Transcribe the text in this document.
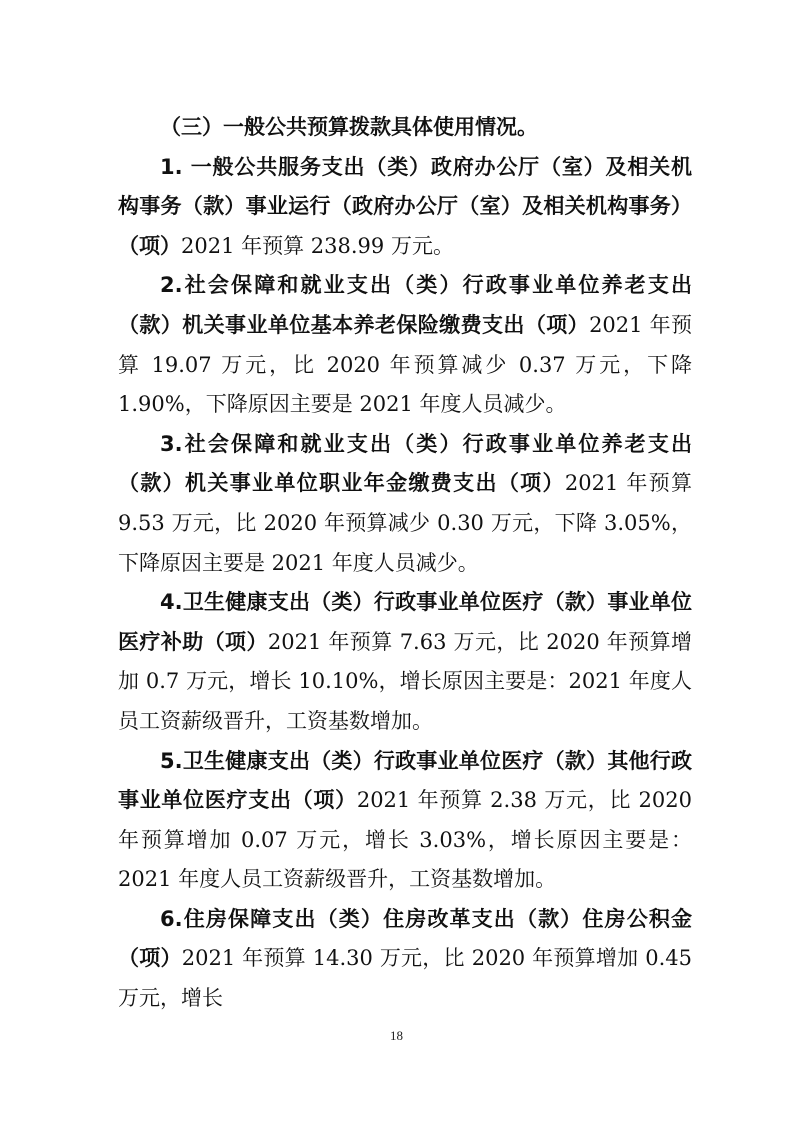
（三）一般公共预算拨款具体使用情况。

1. 一般公共服务支出（类）政府办公厅（室）及相关机构事务（款）事业运行（政府办公厅（室）及相关机构事务）（项）2021 年预算 238.99 万元。

2.社会保障和就业支出（类）行政事业单位养老支出（款）机关事业单位基本养老保险缴费支出（项）2021 年预算 19.07 万元，比 2020 年预算减少 0.37 万元，下降 1.90%，下降原因主要是 2021 年度人员减少。

3.社会保障和就业支出（类）行政事业单位养老支出（款）机关事业单位职业年金缴费支出（项）2021 年预算 9.53 万元，比 2020 年预算减少 0.30 万元，下降 3.05%，下降原因主要是 2021 年度人员减少。

4.卫生健康支出（类）行政事业单位医疗（款）事业单位医疗补助（项）2021 年预算 7.63 万元，比 2020 年预算增加 0.7 万元，增长 10.10%，增长原因主要是：2021 年度人员工资薪级晋升，工资基数增加。

5.卫生健康支出（类）行政事业单位医疗（款）其他行政事业单位医疗支出（项）2021 年预算 2.38 万元，比 2020 年预算增加 0.07 万元，增长 3.03%，增长原因主要是：2021 年度人员工资薪级晋升，工资基数增加。

6.住房保障支出（类）住房改革支出（款）住房公积金（项）2021 年预算 14.30 万元，比 2020 年预算增加 0.45 万元，增长

18
